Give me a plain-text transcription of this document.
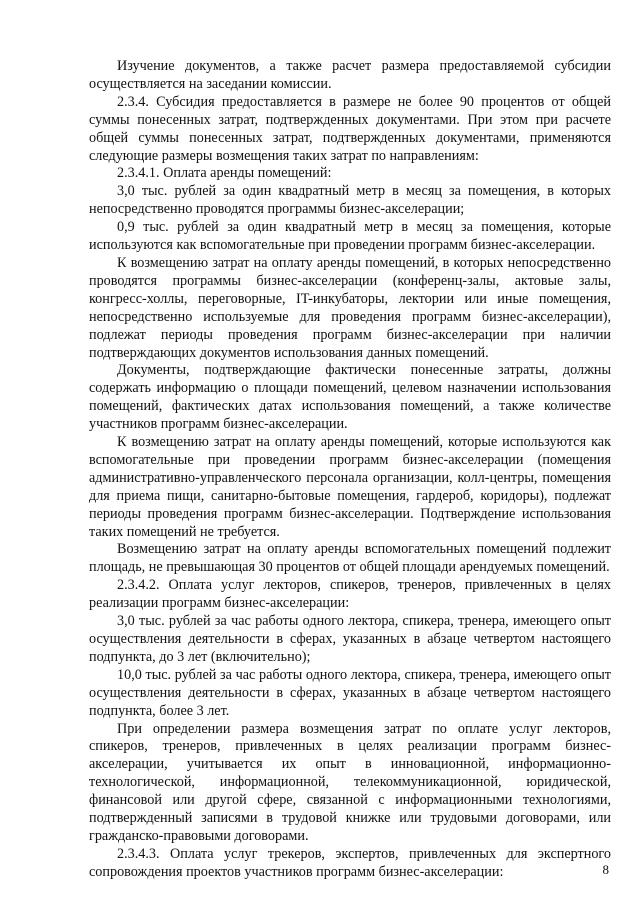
Изучение документов, а также расчет размера предоставляемой субсидии осуществляется на заседании комиссии.

2.3.4. Субсидия предоставляется в размере не более 90 процентов от общей суммы понесенных затрат, подтвержденных документами. При этом при расчете общей суммы понесенных затрат, подтвержденных документами, применяются следующие размеры возмещения таких затрат по направлениям:

2.3.4.1. Оплата аренды помещений:

3,0 тыс. рублей за один квадратный метр в месяц за помещения, в которых непосредственно проводятся программы бизнес-акселерации;

0,9 тыс. рублей за один квадратный метр в месяц за помещения, которые используются как вспомогательные при проведении программ бизнес-акселерации.

К возмещению затрат на оплату аренды помещений, в которых непосредственно проводятся программы бизнес-акселерации (конференц-залы, актовые залы, конгресс-холлы, переговорные, IT-инкубаторы, лектории или иные помещения, непосредственно используемые для проведения программ бизнес-акселерации), подлежат периоды проведения программ бизнес-акселерации при наличии подтверждающих документов использования данных помещений.

Документы, подтверждающие фактически понесенные затраты, должны содержать информацию о площади помещений, целевом назначении использования помещений, фактических датах использования помещений, а также количестве участников программ бизнес-акселерации.

К возмещению затрат на оплату аренды помещений, которые используются как вспомогательные при проведении программ бизнес-акселерации (помещения административно-управленческого персонала организации, колл-центры, помещения для приема пищи, санитарно-бытовые помещения, гардероб, коридоры), подлежат периоды проведения программ бизнес-акселерации. Подтверждение использования таких помещений не требуется.

Возмещению затрат на оплату аренды вспомогательных помещений подлежит площадь, не превышающая 30 процентов от общей площади арендуемых помещений.

2.3.4.2. Оплата услуг лекторов, спикеров, тренеров, привлеченных в целях реализации программ бизнес-акселерации:

3,0 тыс. рублей за час работы одного лектора, спикера, тренера, имеющего опыт осуществления деятельности в сферах, указанных в абзаце четвертом настоящего подпункта, до 3 лет (включительно);

10,0 тыс. рублей за час работы одного лектора, спикера, тренера, имеющего опыт осуществления деятельности в сферах, указанных в абзаце четвертом настоящего подпункта, более 3 лет.

При определении размера возмещения затрат по оплате услуг лекторов, спикеров, тренеров, привлеченных в целях реализации программ бизнес-акселерации, учитывается их опыт в инновационной, информационно-технологической, информационной, телекоммуникационной, юридической, финансовой или другой сфере, связанной с информационными технологиями, подтвержденный записями в трудовой книжке или трудовыми договорами, или гражданско-правовыми договорами.

2.3.4.3. Оплата услуг трекеров, экспертов, привлеченных для экспертного сопровождения проектов участников программ бизнес-акселерации:	8
